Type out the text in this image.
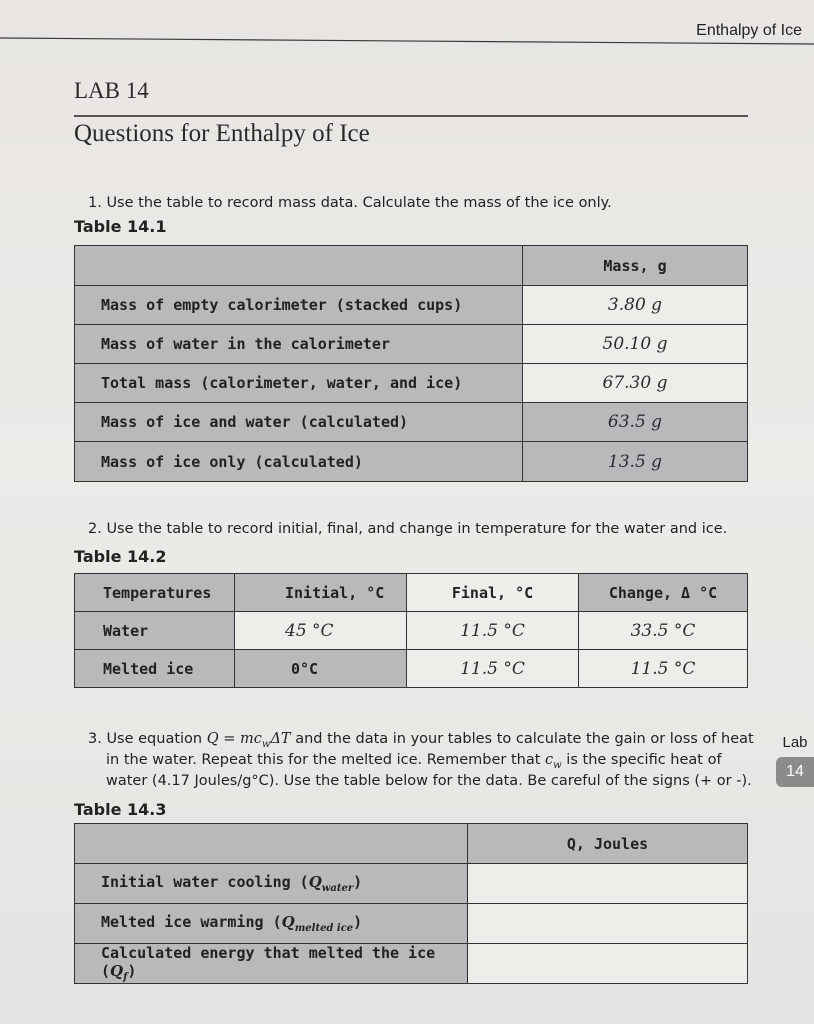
Enthalpy of Ice
LAB 14
Questions for Enthalpy of Ice
1. Use the table to record mass data. Calculate the mass of the ice only.
Table 14.1
	Mass, g
Mass of empty calorimeter (stacked cups)	3.80 g
Mass of water in the calorimeter	50.10 g
Total mass (calorimeter, water, and ice)	67.30 g
Mass of ice and water (calculated)	63.5 g
Mass of ice only (calculated)	13.5 g
2. Use the table to record initial, final, and change in temperature for the water and ice.
Table 14.2
Temperatures	Initial, °C	Final, °C	Change, Δ °C
Water	45 °C	11.5 °C	33.5 °C
Melted ice	0°C	11.5 °C	11.5 °C
3. Use equation $Q = mc_w\Delta T$ and the data in your tables to calculate the gain or loss of heat
in the water. Repeat this for the melted ice. Remember that $c_w$ is the specific heat of
water (4.17 Joules/g°C). Use the table below for the data. Be careful of the signs (+ or -).
Table 14.3
	Q, Joules
Initial water cooling $(Q_{water})$	
Melted ice warming $(Q_{melted ice})$	
Calculated energy that melted the ice $(Q_f)$	
Lab
14
